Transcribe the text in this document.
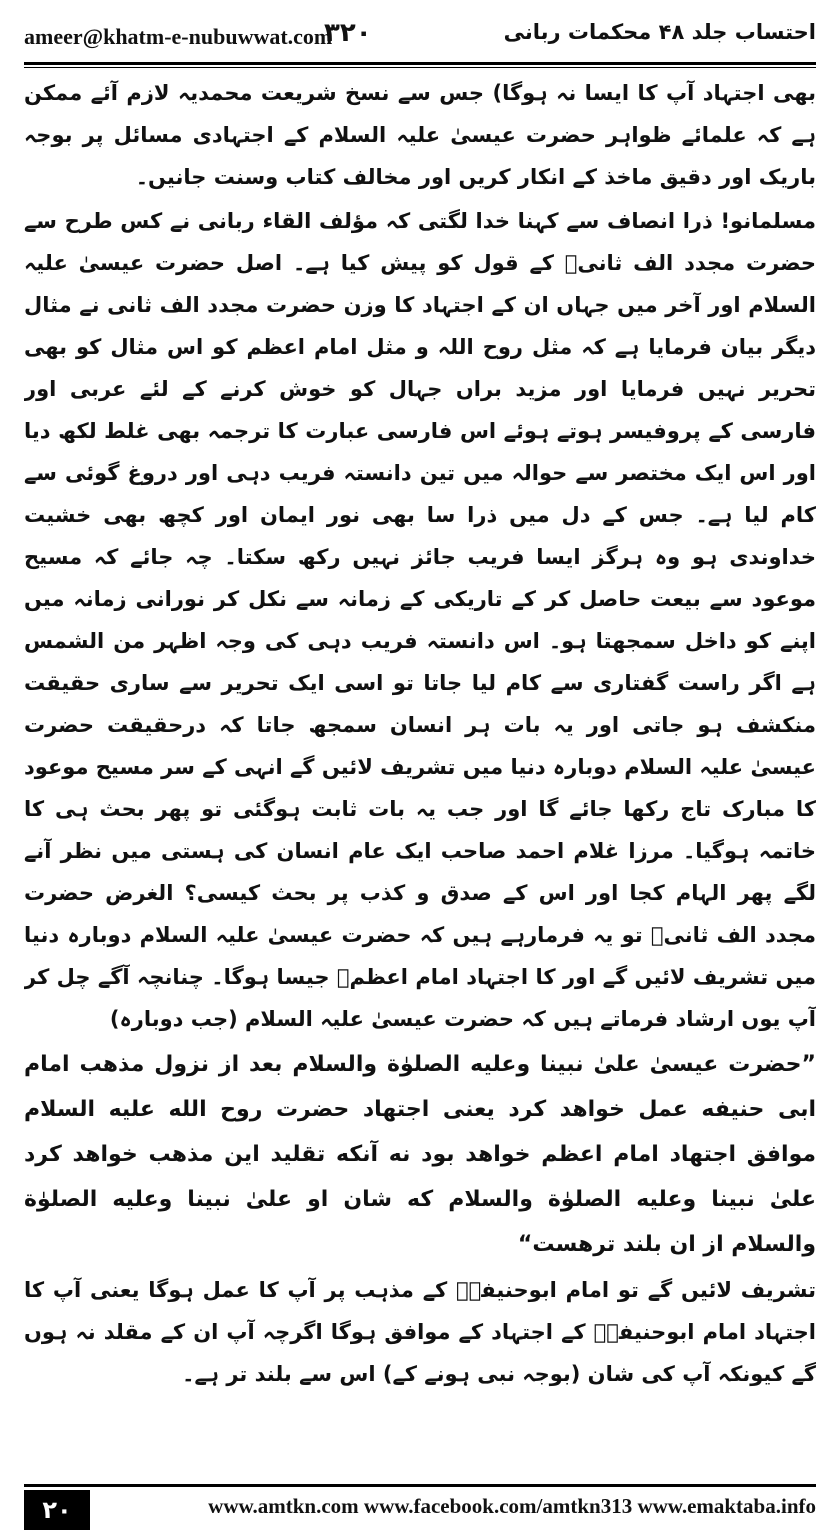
ameer@khatm-e-nubuwwat.com
۳۲۰	احتساب جلد ۴۸ محکمات ربانی

بھی اجتہاد آپ کا ایسا نہ ہوگا) جس سے نسخ شریعت محمدیہ لازم آئے ممکن ہے کہ علمائے ظواہر حضرت عیسیٰ علیہ السلام کے اجتہادی مسائل پر بوجہ باریک اور دقیق ماخذ کے انکار کریں اور مخالف کتاب وسنت جانیں۔

مسلمانو! ذرا انصاف سے کہنا خدا لگتی کہ مؤلف القاء ربانی نے کس طرح سے حضرت مجدد الف ثانیؒ کے قول کو پیش کیا ہے۔ اصل حضرت عیسیٰ علیہ السلام اور آخر میں جہاں ان کے اجتہاد کا وزن حضرت مجدد الف ثانی نے مثال دیگر بیان فرمایا ہے کہ مثل روح اللہ و مثل امام اعظم کو اس مثال کو بھی تحریر نہیں فرمایا اور مزید براں جہال کو خوش کرنے کے لئے عربی اور فارسی کے پروفیسر ہوتے ہوئے اس فارسی عبارت کا ترجمہ بھی غلط لکھ دیا اور اس ایک مختصر سے حوالہ میں تین دانستہ فریب دہی اور دروغ گوئی سے کام لیا ہے۔ جس کے دل میں ذرا سا بھی نور ایمان اور کچھ بھی خشیت خداوندی ہو وہ ہرگز ایسا فریب جائز نہیں رکھ سکتا۔ چہ جائے کہ مسیح موعود سے بیعت حاصل کر کے تاریکی کے زمانہ سے نکل کر نورانی زمانہ میں اپنے کو داخل سمجھتا ہو۔ اس دانستہ فریب دہی کی وجہ اظہر من الشمس ہے اگر راست گفتاری سے کام لیا جاتا تو اسی ایک تحریر سے ساری حقیقت منکشف ہو جاتی اور یہ بات ہر انسان سمجھ جاتا کہ درحقیقت حضرت عیسیٰ علیہ السلام دوبارہ دنیا میں تشریف لائیں گے انہی کے سر مسیح موعود کا مبارک تاج رکھا جائے گا اور جب یہ بات ثابت ہوگئی تو پھر بحث ہی کا خاتمہ ہوگیا۔ مرزا غلام احمد صاحب ایک عام انسان کی ہستی میں نظر آنے لگے پھر الہام کجا اور اس کے صدق و کذب پر بحث کیسی؟ الغرض حضرت مجدد الف ثانیؒ تو یہ فرمارہے ہیں کہ حضرت عیسیٰ علیہ السلام دوبارہ دنیا میں تشریف لائیں گے اور کا اجتہاد امام اعظمؒ جیسا ہوگا۔ چنانچہ آگے چل کر آپ یوں ارشاد فرماتے ہیں کہ حضرت عیسیٰ علیہ السلام (جب دوبارہ)

”حضرت عیسیٰ علیٰ نبینا وعلیه الصلوٰة والسلام بعد از نزول مذهب امام ابی حنیفه عمل خواهد کرد یعنی اجتهاد حضرت روح الله علیه السلام موافق اجتهاد امام اعظم خواهد بود نه آنکه تقلید این مذهب خواهد کرد علیٰ نبینا وعلیه الصلوٰة والسلام که شان او علیٰ نبینا وعلیه الصلوٰة والسلام از ان بلند ترهست“

تشریف لائیں گے تو امام ابوحنیفہؒ کے مذہب پر آپ کا عمل ہوگا یعنی آپ کا اجتہاد امام ابوحنیفہؒ کے اجتہاد کے موافق ہوگا اگرچہ آپ ان کے مقلد نہ ہوں گے کیونکہ آپ کی شان (بوجہ نبی ہونے کے) اس سے بلند تر ہے۔

۲۰	www.amtkn.com www.facebook.com/amtkn313 www.emaktaba.info
